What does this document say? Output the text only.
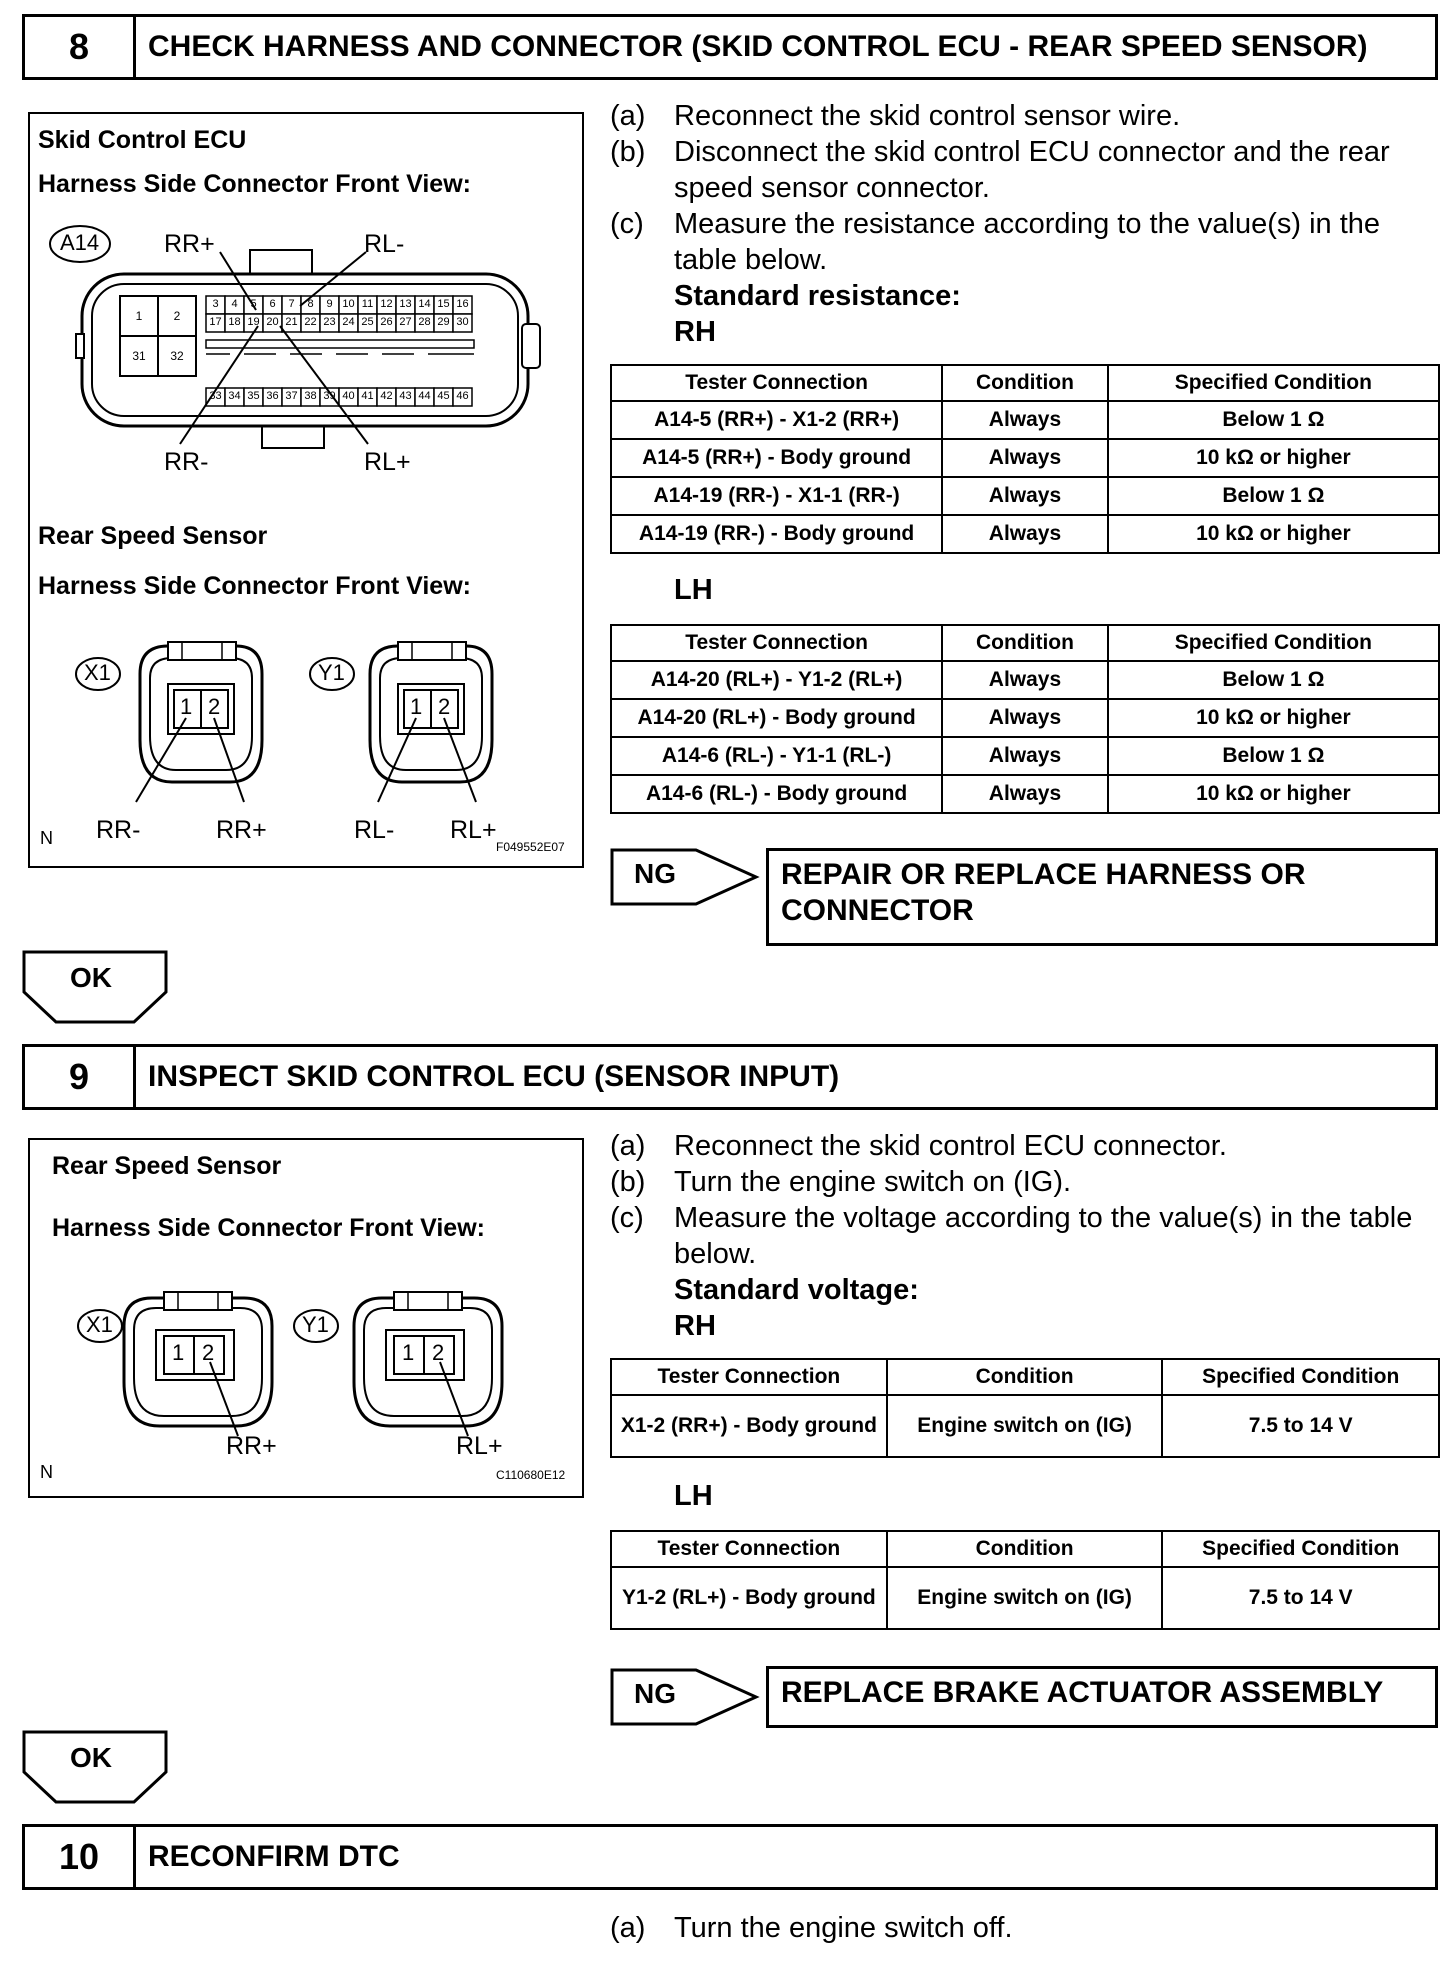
8	CHECK HARNESS AND CONNECTOR (SKID CONTROL ECU - REAR SPEED SENSOR)
Skid Control ECU
Harness Side Connector Front View:
A14	RR+	RL-
RR-	RL+
1	2
31	32
3	4	5	6	7	8	9 10 11 12 13 14 15 16
17 18 19 20 21 22 23 24 25 26 27 28 29 30
33 34 35 36 37 38 39 40 41 42 43 44 45 46
Rear Speed Sensor
Harness Side Connector Front View:
X1	Y1
1 2	1 2
RR-	RR+	RL- RL+
N	F049552E07
(a) Reconnect the skid control sensor wire.
(b) Disconnect the skid control ECU connector and the rear speed sensor connector.
(c)	Measure the resistance according to the value(s) in the table below.
Standard resistance:
RH
Tester Connection	Condition	Specified Condition
A14-5 (RR+) - X1-2 (RR+)	Always	Below 1 Ω
A14-5 (RR+) - Body ground	Always	10 kΩ or higher
A14-19 (RR-) - X1-1 (RR-)	Always	Below 1 Ω
A14-19 (RR-) - Body ground	Always	10 kΩ or higher
LH
Tester Connection	Condition	Specified Condition
A14-20 (RL+) - Y1-2 (RL+)	Always	Below 1 Ω
A14-20 (RL+) - Body ground	Always	10 kΩ or higher
A14-6 (RL-) - Y1-1 (RL-)	Always	Below 1 Ω
A14-6 (RL-) - Body ground	Always	10 kΩ or higher
NG	REPAIR OR REPLACE HARNESS OR CONNECTOR
OK
9	INSPECT SKID CONTROL ECU (SENSOR INPUT)
Rear Speed Sensor
Harness Side Connector Front View:
X1	Y1
1 2	1 2
RR+	RL+
N	C110680E12
(a) Reconnect the skid control ECU connector.
(b) Turn the engine switch on (IG).
(c)	Measure the voltage according to the value(s) in the table below.
Standard voltage:
RH
Tester Connection	Condition	Specified Condition
X1-2 (RR+) - Body ground	Engine switch on (IG)	7.5 to 14 V
LH
Tester Connection	Condition	Specified Condition
Y1-2 (RL+) - Body ground	Engine switch on (IG)	7.5 to 14 V
NG	REPLACE BRAKE ACTUATOR ASSEMBLY
OK
10	RECONFIRM DTC
(a) Turn the engine switch off.
